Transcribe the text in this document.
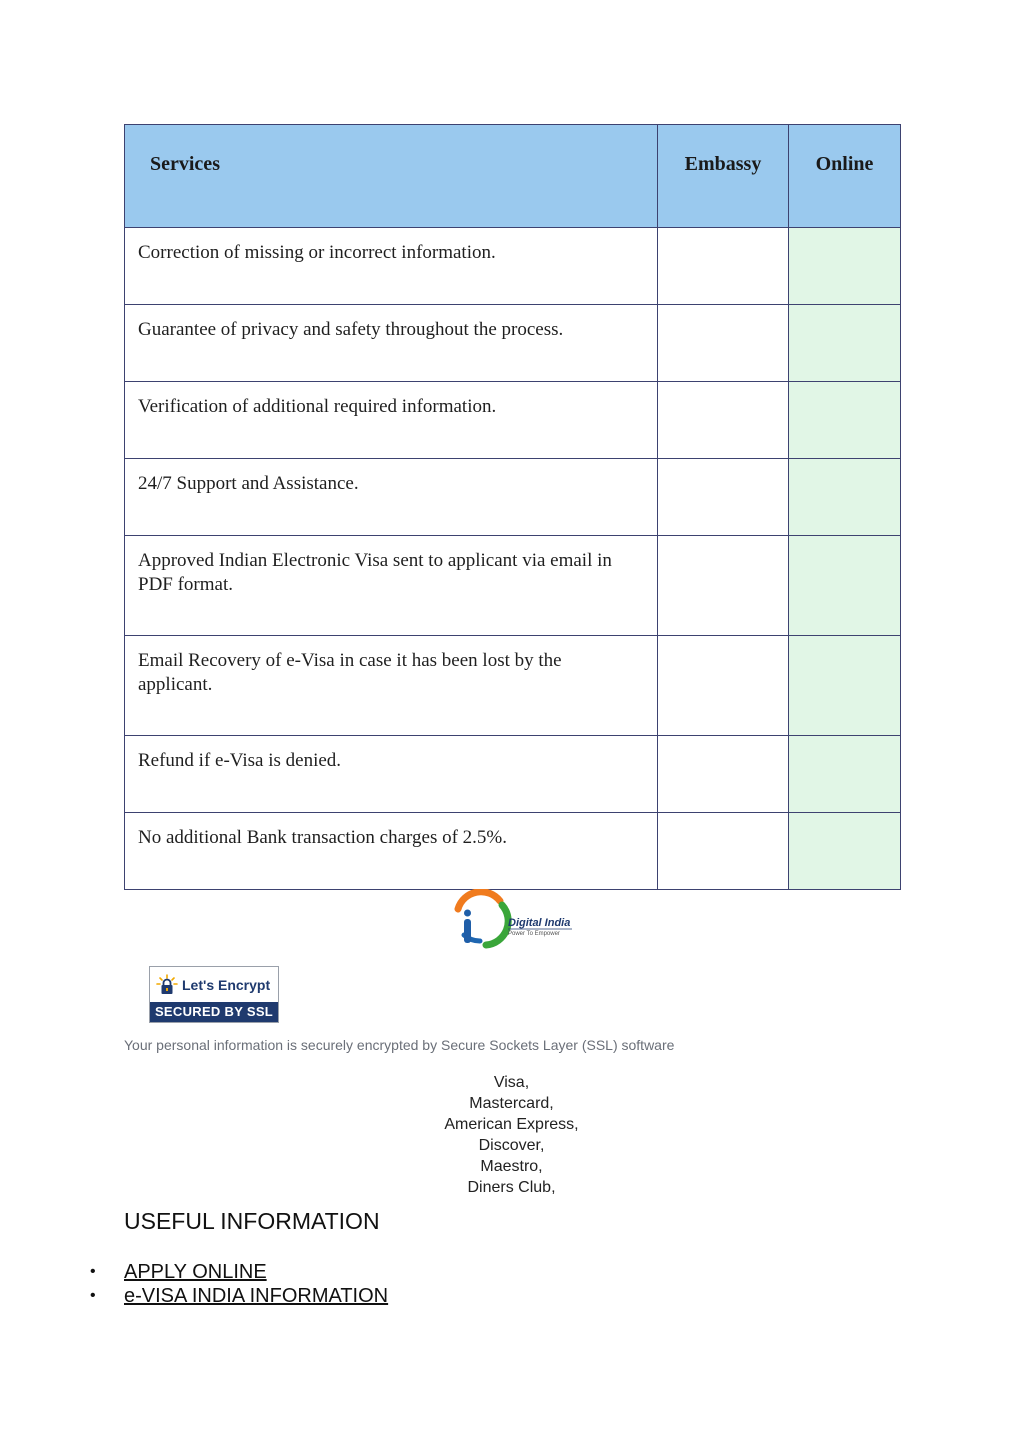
Services	Embassy	Online

Correction of missing or incorrect information.		
Guarantee of privacy and safety throughout the process.		
Verification of additional required information.		
24/7 Support and Assistance.		
Approved Indian Electronic Visa sent to applicant via email in PDF format.		
Email Recovery of e-Visa in case it has been lost by the applicant.		
Refund if e-Visa is denied.		
No additional Bank transaction charges of 2.5%.		
Digital India
Power To Empower
Let's Encrypt
SECURED BY SSL
Your personal information is securely encrypted by Secure Sockets Layer (SSL) software
Visa,
Mastercard,
American Express,
Discover,
Maestro,
Diners Club,
USEFUL INFORMATION
• APPLY ONLINE
• e-VISA INDIA INFORMATION
